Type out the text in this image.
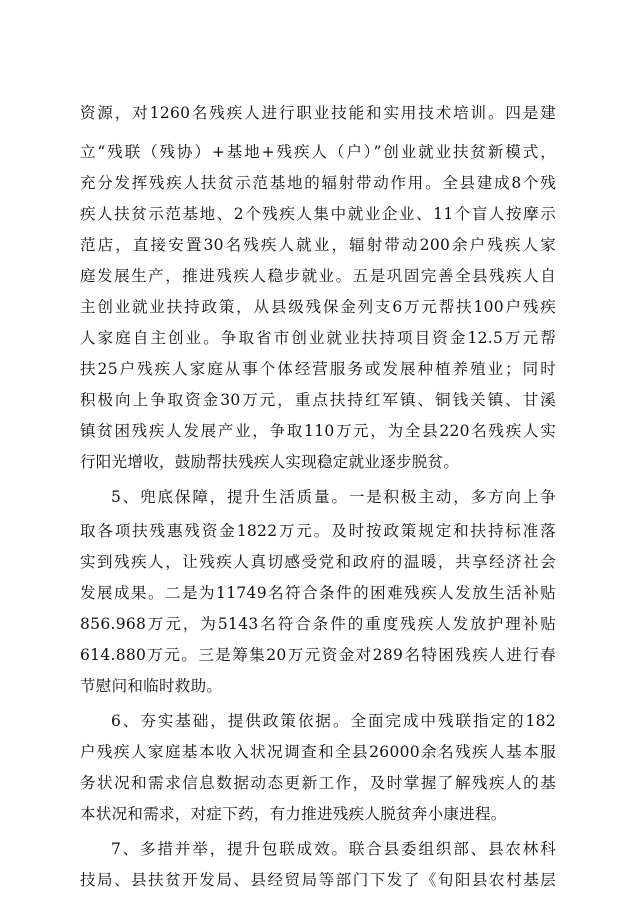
资源，对1260名残疾人进行职业技能和实用技术培训。四是建
立“残联（残协）+基地+残疾人（户）”创业就业扶贫新模式，
充分发挥残疾人扶贫示范基地的辐射带动作用。全县建成8个残
疾人扶贫示范基地、2个残疾人集中就业企业、11个盲人按摩示
范店，直接安置30名残疾人就业，辐射带动200余户残疾人家
庭发展生产，推进残疾人稳步就业。五是巩固完善全县残疾人自
主创业就业扶持政策，从县级残保金列支6万元帮扶100户残疾
人家庭自主创业。争取省市创业就业扶持项目资金12.5万元帮
扶25户残疾人家庭从事个体经营服务或发展种植养殖业；同时
积极向上争取资金30万元，重点扶持红军镇、铜钱关镇、甘溪
镇贫困残疾人发展产业，争取110万元，为全县220名残疾人实
行阳光增收，鼓励帮扶残疾人实现稳定就业逐步脱贫。
5、兜底保障，提升生活质量。一是积极主动，多方向上争
取各项扶残惠残资金1822万元。及时按政策规定和扶持标准落
实到残疾人，让残疾人真切感受党和政府的温暖，共享经济社会
发展成果。二是为11749名符合条件的困难残疾人发放生活补贴
856.968万元，为5143名符合条件的重度残疾人发放护理补贴
614.880万元。三是筹集20万元资金对289名特困残疾人进行春
节慰问和临时救助。
6、夯实基础，提供政策依据。全面完成中残联指定的182
户残疾人家庭基本收入状况调查和全县26000余名残疾人基本服
务状况和需求信息数据动态更新工作，及时掌握了解残疾人的基
本状况和需求，对症下药，有力推进残疾人脱贫奔小康进程。
7、多措并举，提升包联成效。联合县委组织部、县农林科
技局、县扶贫开发局、县经贸局等部门下发了《旬阳县农村基层
